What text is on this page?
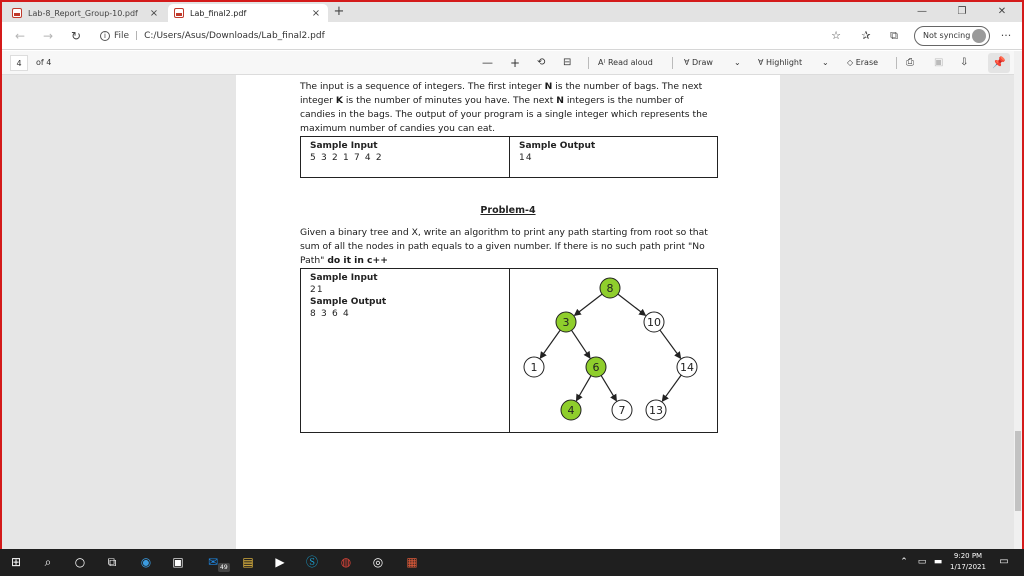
Lab-8_Report_Group-10.pdf	×	Lab_final2.pdf	× +	—	❐	✕
← → ↻	i File | C:/Users/Asus/Downloads/Lab_final2.pdf	☆	✰	⧉	Not syncing	···
4	of 4	— + ⟲ ⊟	A⁾ Read aloud	∀ Draw	⌄ ∀ Highlight ⌄ ◇ Erase	⎙ ▣ ⇩	📌
The input is a sequence of integers. The first integer N is the number of bags. The next integer K is the number of minutes you have. The next N integers is the number of candies in the bags. The output of your program is a single integer which represents the maximum number of candies you can eat.
Sample Input
5 3 2 1 7 4 2
Sample Output
14
Problem-4
Given a binary tree and X, write an algorithm to print any path starting from root so that sum of all the nodes in path equals to a given number. If there is no such path print "No Path" do it in c++
Sample Input
21
Sample Output
8 3 6 4
8
3	10
1	6	14
4	7 13
⊞	⌕	○	⧉	◉ ▣ ✉ 49 ▤ ▶ Ⓢ ◍ ◎ ▦	⌃	▭ ▬
9:20 PM
1/17/2021	▭
